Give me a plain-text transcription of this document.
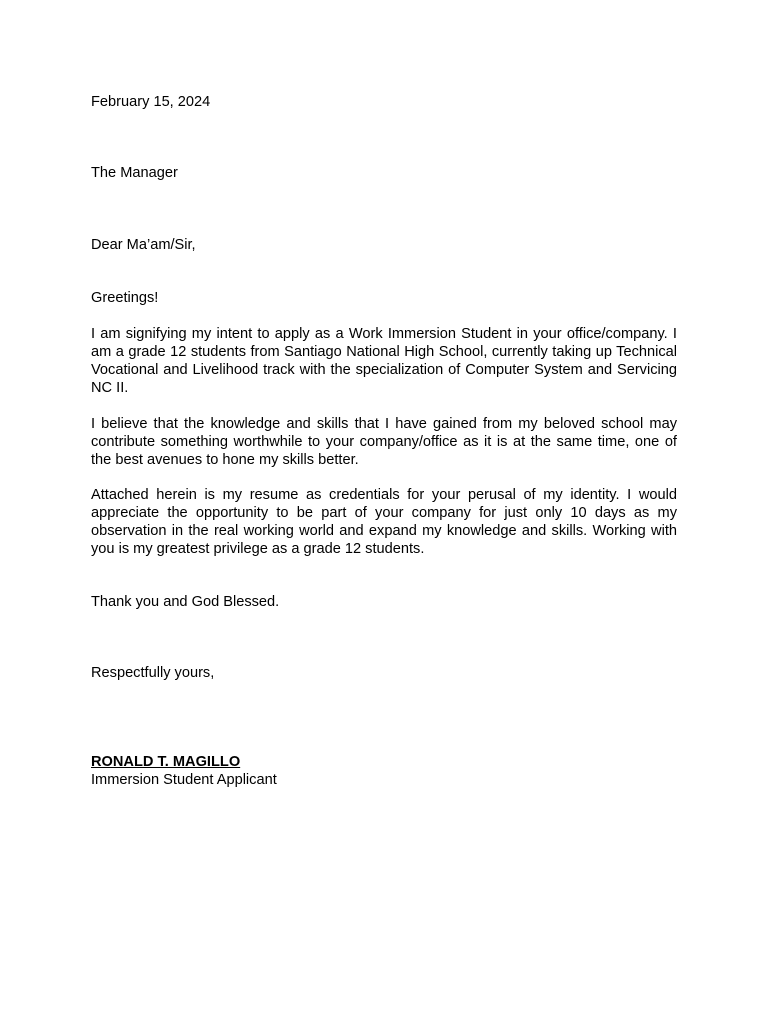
February 15, 2024

The Manager

Dear Ma’am/Sir,

Greetings!

I am signifying my intent to apply as a Work Immersion Student in your office/company. I am a grade 12 students from Santiago National High School, currently taking up Technical Vocational and Livelihood track with the specialization of Computer System and Servicing NC II.

I believe that the knowledge and skills that I have gained from my beloved school may contribute something worthwhile to your company/office as it is at the same time, one of the best avenues to hone my skills better.

Attached herein is my resume as credentials for your perusal of my identity. I would appreciate the opportunity to be part of your company for just only 10 days as my observation in the real working world and expand my knowledge and skills. Working with you is my greatest privilege as a grade 12 students.

Thank you and God Blessed.

Respectfully yours,

RONALD T. MAGILLO

Immersion Student Applicant
